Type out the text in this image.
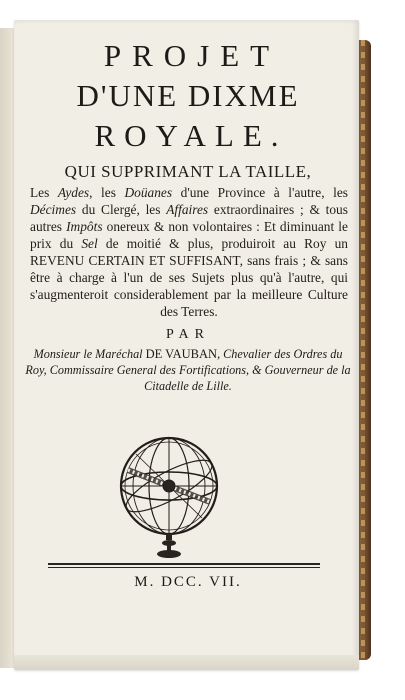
PROJET
D'UNE DIXME
ROYALE.
QUI SUPPRIMANT LA TAILLE,
Les Aydes, les Doüanes d'une Province à l'autre, les Décimes du Clergé, les Affaires extraordinaires ; & tous autres Impôts onereux & non volontaires : Et diminuant le prix du Sel de moitié & plus, produiroit au Roy un REVENU CERTAIN ET SUFFISANT, sans frais ; & sans être à charge à l'un de ses Sujets plus qu'à l'autre, qui s'augmenteroit considerablement par la meilleure Culture des Terres.
PAR
Monsieur le Maréchal DE VAUBAN, Chevalier des Ordres du Roy, Commissaire General des Fortifications, & Gouverneur de la Citadelle de Lille.
M. DCC. VII.
